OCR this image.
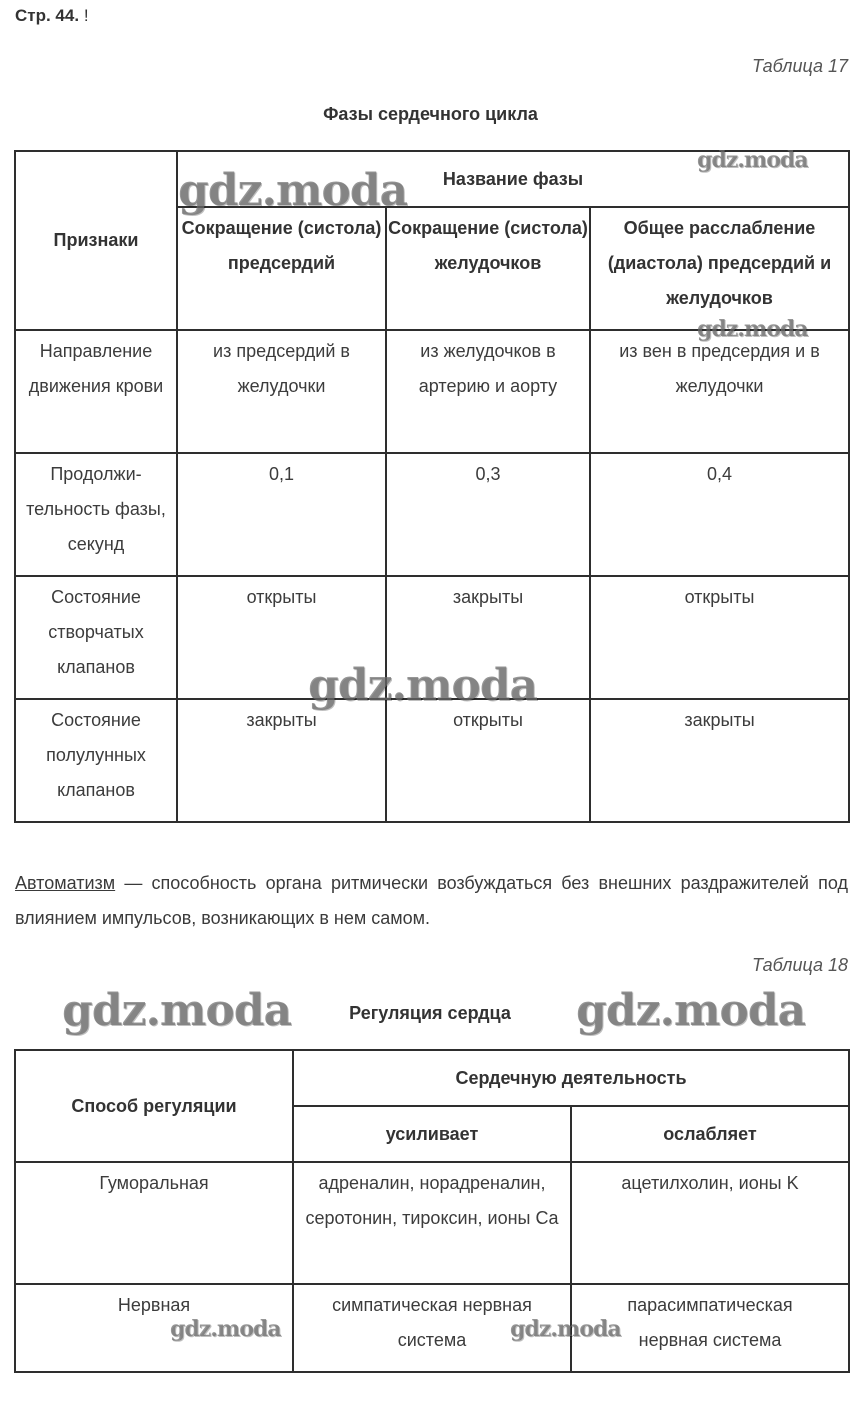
Стр. 44. !
Таблица 17
Фазы сердечного цикла
Признаки	Название фазы		
	Сокращение (систола) предсердий	Сокращение (систола) желудочков	Общее расслабление (диастола) предсердий и желудочков
Направление движения крови	из предсердий в желудочки	из желудочков в артерию и аорту	из вен в предсердия и в желудочки
Продолжи-тельность фазы, секунд	0,1	0,3	0,4
Состояние створчатых клапанов	открыты	закрыты	открыты
Состояние полулунных клапанов	закрыты	открыты	закрыты
Автоматизм — способность органа ритмически возбуждаться без внешних раздражителей под влиянием импульсов, возникающих в нем самом.
Таблица 18
Регуляция сердца
Способ регуляции	Сердечную деятельность	
	усиливает	ослабляет
Гуморальная	адреналин, норадреналин, серотонин, тироксин, ионы Ca	ацетилхолин, ионы K
Нервная	симпатическая нервная система	парасимпатическая нервная система
gdz.moda
gdz.moda
gdz.moda
gdz.moda
gdz.moda	gdz.moda
gdz.moda	gdz.moda
